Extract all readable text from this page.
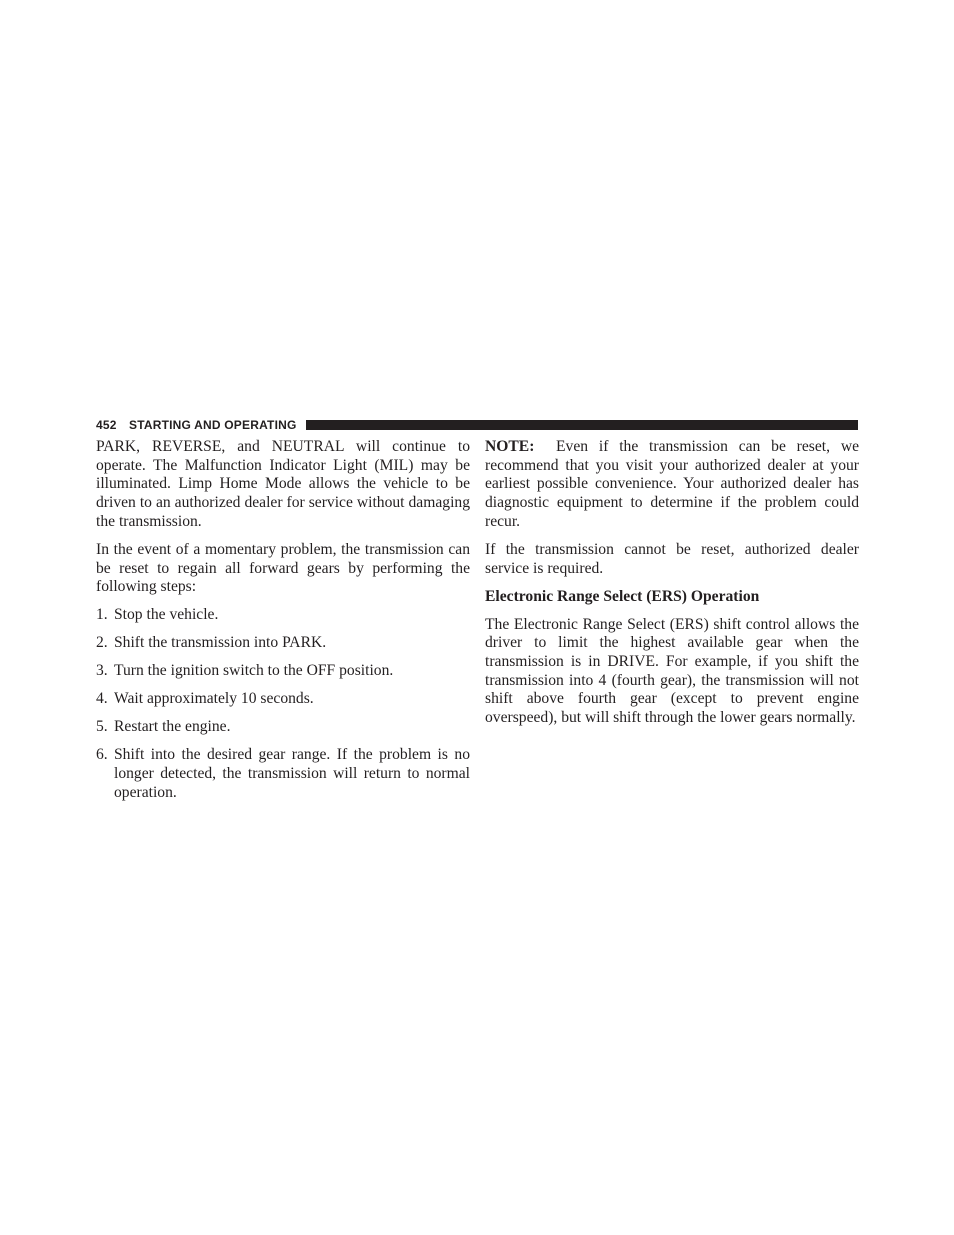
452 STARTING AND OPERATING

PARK, REVERSE, and NEUTRAL will continue to operate. The Malfunction Indicator Light (MIL) may be illuminated. Limp Home Mode allows the vehicle to be driven to an authorized dealer for service without damaging the transmission.

In the event of a momentary problem, the transmission can be reset to regain all forward gears by performing the following steps:

1. Stop the vehicle.
2. Shift the transmission into PARK.
3. Turn the ignition switch to the OFF position.
4. Wait approximately 10 seconds.
5. Restart the engine.
6. Shift into the desired gear range. If the problem is no longer detected, the transmission will return to normal operation.

NOTE: Even if the transmission can be reset, we recommend that you visit your authorized dealer at your earliest possible convenience. Your authorized dealer has diagnostic equipment to determine if the problem could recur.

If the transmission cannot be reset, authorized dealer service is required.

Electronic Range Select (ERS) Operation

The Electronic Range Select (ERS) shift control allows the driver to limit the highest available gear when the transmission is in DRIVE. For example, if you shift the transmission into 4 (fourth gear), the transmission will not shift above fourth gear (except to prevent engine overspeed), but will shift through the lower gears normally.
